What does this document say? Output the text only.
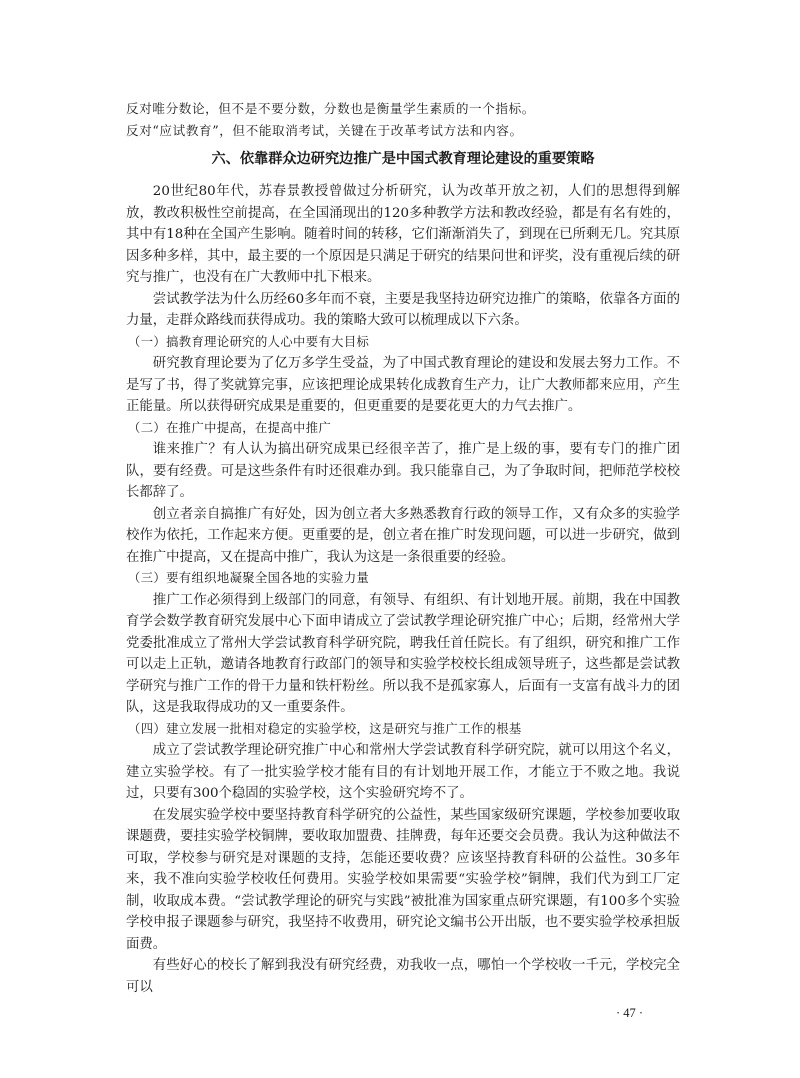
反对唯分数论，但不是不要分数，分数也是衡量学生素质的一个指标。

反对“应试教育”，但不能取消考试，关键在于改革考试方法和内容。

六、依靠群众边研究边推广是中国式教育理论建设的重要策略

20世纪80年代，苏春景教授曾做过分析研究，认为改革开放之初，人们的思想得到解放，教改积极性空前提高，在全国涌现出的120多种教学方法和教改经验，都是有名有姓的，其中有18种在全国产生影响。随着时间的转移，它们渐渐消失了，到现在已所剩无几。究其原因多种多样，其中，最主要的一个原因是只满足于研究的结果问世和评奖，没有重视后续的研究与推广，也没有在广大教师中扎下根来。

尝试教学法为什么历经60多年而不衰，主要是我坚持边研究边推广的策略，依靠各方面的力量，走群众路线而获得成功。我的策略大致可以梳理成以下六条。

（一）搞教育理论研究的人心中要有大目标

研究教育理论要为了亿万多学生受益，为了中国式教育理论的建设和发展去努力工作。不是写了书，得了奖就算完事，应该把理论成果转化成教育生产力，让广大教师都来应用，产生正能量。所以获得研究成果是重要的，但更重要的是要花更大的力气去推广。

（二）在推广中提高，在提高中推广

谁来推广？有人认为搞出研究成果已经很辛苦了，推广是上级的事，要有专门的推广团队，要有经费。可是这些条件有时还很难办到。我只能靠自己，为了争取时间，把师范学校校长都辞了。

创立者亲自搞推广有好处，因为创立者大多熟悉教育行政的领导工作，又有众多的实验学校作为依托，工作起来方便。更重要的是，创立者在推广时发现问题，可以进一步研究，做到在推广中提高，又在提高中推广，我认为这是一条很重要的经验。

（三）要有组织地凝聚全国各地的实验力量

推广工作必须得到上级部门的同意，有领导、有组织、有计划地开展。前期，我在中国教育学会数学教育研究发展中心下面申请成立了尝试教学理论研究推广中心；后期，经常州大学党委批准成立了常州大学尝试教育科学研究院，聘我任首任院长。有了组织，研究和推广工作可以走上正轨，邀请各地教育行政部门的领导和实验学校校长组成领导班子，这些都是尝试教学研究与推广工作的骨干力量和铁杆粉丝。所以我不是孤家寡人，后面有一支富有战斗力的团队，这是我取得成功的又一重要条件。

（四）建立发展一批相对稳定的实验学校，这是研究与推广工作的根基

成立了尝试教学理论研究推广中心和常州大学尝试教育科学研究院，就可以用这个名义，建立实验学校。有了一批实验学校才能有目的有计划地开展工作，才能立于不败之地。我说过，只要有300个稳固的实验学校，这个实验研究垮不了。

在发展实验学校中要坚持教育科学研究的公益性，某些国家级研究课题，学校参加要收取课题费，要挂实验学校铜牌，要收取加盟费、挂牌费，每年还要交会员费。我认为这种做法不可取，学校参与研究是对课题的支持，怎能还要收费？应该坚持教育科研的公益性。30多年来，我不准向实验学校收任何费用。实验学校如果需要“实验学校”铜牌，我们代为到工厂定制，收取成本费。“尝试教学理论的研究与实践”被批准为国家重点研究课题，有100多个实验学校申报子课题参与研究，我坚持不收费用，研究论文编书公开出版，也不要实验学校承担版面费。

有些好心的校长了解到我没有研究经费，劝我收一点，哪怕一个学校收一千元，学校完全可以

· 47 ·
